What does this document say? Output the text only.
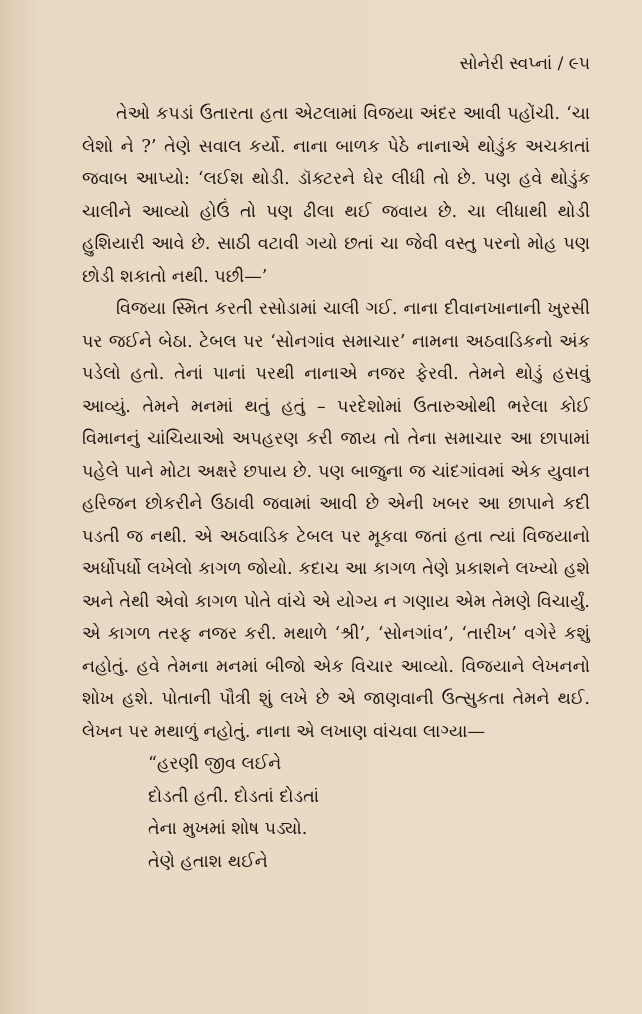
સોનેરી સ્વપ્નાં / ૯૫

તેઓ કપડાં ઉતારતા હતા એટલામાં વિજયા અંદર આવી પહોંચી. ‘ચા લેશો ને ?’ તેણે સવાલ કર્યો. નાના બાળક પેઠે નાનાએ થોડુંક અચકાતાં જવાબ આપ્યો: ‘લઈશ થોડી. ડૉક્ટરને ઘેર લીધી તો છે. પણ હવે થોડુંક ચાલીને આવ્યો હોઉં તો પણ ઢીલા થઈ જવાય છે. ચા લીધાથી થોડી હુશિયારી આવે છે. સાઠી વટાવી ગયો છતાં ચા જેવી વસ્તુ પરનો મોહ પણ છોડી શકાતો નથી. પછી—’

વિજયા સ્મિત કરતી રસોડામાં ચાલી ગઈ. નાના દીવાનખાનાની ખુરસી પર જઈને બેઠા. ટેબલ પર ‘સોનગાંવ સમાચાર’ નામના અઠવાડિકનો અંક પડેલો હતો. તેનાં પાનાં પરથી નાનાએ નજર ફેરવી. તેમને થોડું હસવું આવ્યું. તેમને મનમાં થતું હતું – પરદેશોમાં ઉતારુઓથી ભરેલા કોઈ વિમાનનું ચાંચિયાઓ અપહરણ કરી જાય તો તેના સમાચાર આ છાપામાં પહેલે પાને મોટા અક્ષરે છપાય છે. પણ બાજુના જ ચાંદગાંવમાં એક યુવાન હરિજન છોકરીને ઉઠાવી જવામાં આવી છે એની ખબર આ છાપાને કદી પડતી જ નથી. એ અઠવાડિક ટેબલ પર મૂકવા જતાં હતા ત્યાં વિજયાનો અર્ધોપર્ધો લખેલો કાગળ જોયો. કદાચ આ કાગળ તેણે પ્રકાશને લખ્યો હશે અને તેથી એવો કાગળ પોતે વાંચે એ યોગ્ય ન ગણાય એમ તેમણે વિચાર્યું. એ કાગળ તરફ નજર કરી. મથાળે ‘શ્રી’, ‘સોનગાંવ’, ‘તારીખ’ વગેરે કશું નહોતું. હવે તેમના મનમાં બીજો એક વિચાર આવ્યો. વિજયાને લેખનનો શોખ હશે. પોતાની પૌત્રી શું લખે છે એ જાણવાની ઉત્સુકતા તેમને થઈ. લેખન પર મથાળું નહોતું. નાના એ લખાણ વાંચવા લાગ્યા—

“હરણી જીવ લઈને
દોડતી હતી. દોડતાં દોડતાં
તેના મુખમાં શોષ પડ્યો.
તેણે હતાશ થઈને
